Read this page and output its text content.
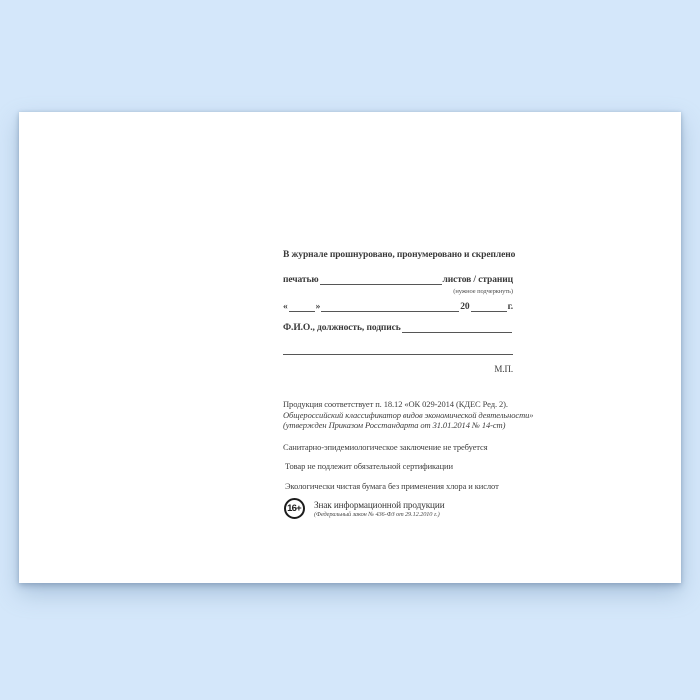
В журнале прошнуровано, пронумеровано и скреплено
печатью	листов / страниц
(нужное подчеркнуть)
«	»	20	г.
Ф.И.О., должность, подпись
М.П.
Продукция соответствует п. 18.12 «ОК 029-2014 (КДЕС Ред. 2).
Общероссийский классификатор видов экономической деятельности»
(утвержден Приказом Росстандарта от 31.01.2014 № 14-ст)
Санитарно-эпидемиологическое заключение не требуется
Товар не подлежит обязательной сертификации
Экологически чистая бумага без применения хлора и кислот
16+	Знак информационной продукции
(Федеральный закон № 436-ФЗ от 29.12.2010 г.)
